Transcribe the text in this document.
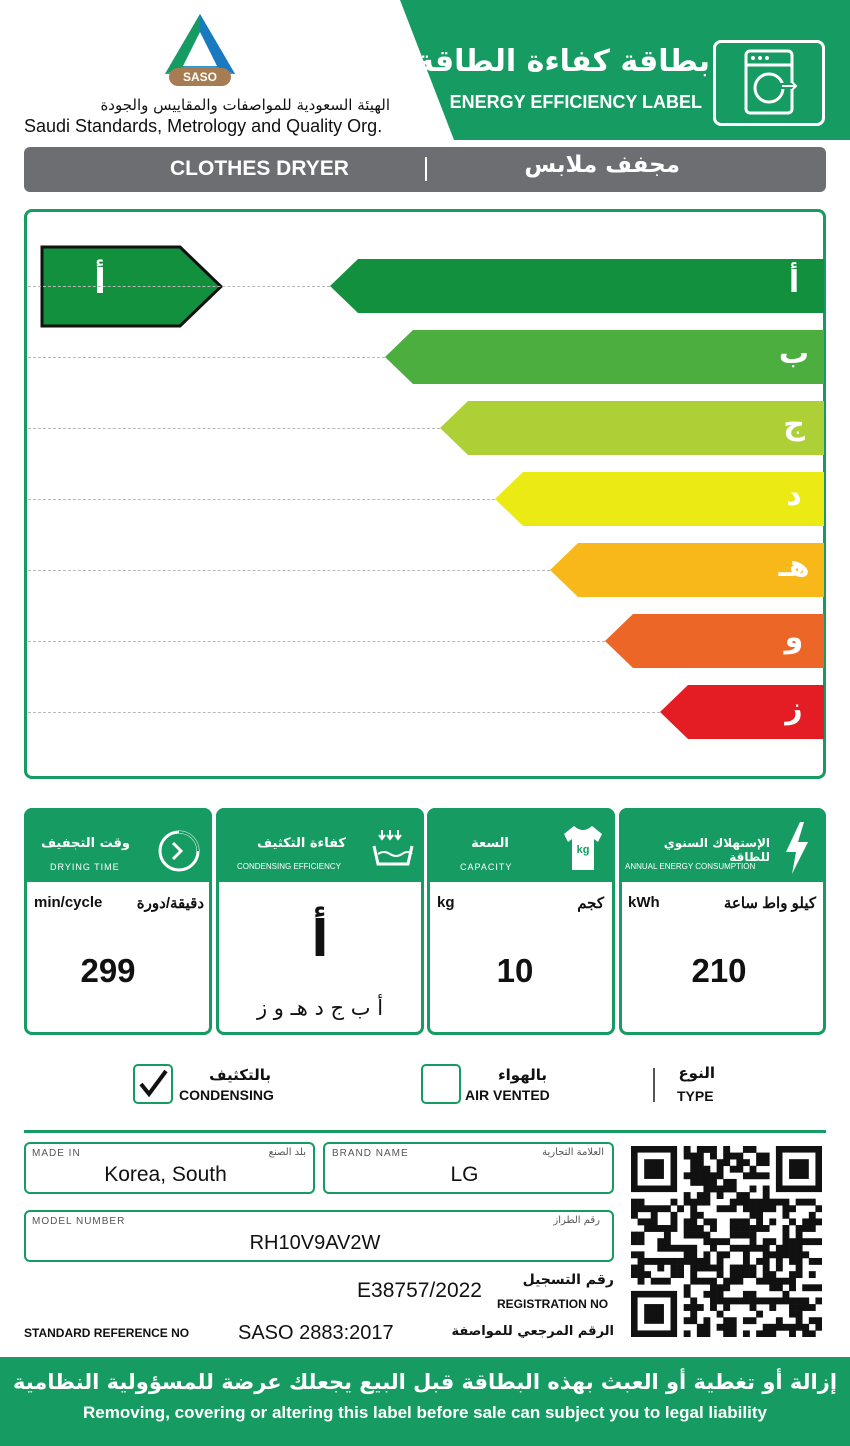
بطاقة كفاءة الطاقة
ENERGY EFFICIENCY LABEL
SASO
الهيئة السعودية للمواصفات والمقاييس والجودة
Saudi Standards, Metrology and Quality Org.
CLOTHES DRYER	مجفف ملابس
أ	أ
ب
ج
د
هـ
و
ز
وقت التجفيف
DRYING TIME
min/cycle	دقيقة/دورة
299
كفاءة التكثيف
CONDENSING EFFICIENCY
أ
أ ب ج د هـ و ز
السعة
CAPACITY
kg
kg	كجم
10
الإستهلاك السنوي للطاقة
ANNUAL ENERGY CONSUMPTION
kWh	كيلو واط ساعة
210
بالتكثيف
CONDENSING
بالهواء
AIR VENTED
النوع
TYPE
MADE IN	بلد الصنع
Korea, South
BRAND NAME	العلامة التجارية
LG
MODEL NUMBER	رقم الطراز
RH10V9AV2W
E38757/2022	رقم التسجيل
REGISTRATION NO
STANDARD REFERENCE NO SASO 2883:2017	الرقم المرجعي للمواصفة
إزالة أو تغطية أو العبث بهذه البطاقة قبل البيع يجعلك عرضة للمسؤولية النظامية
Removing, covering or altering this label before sale can subject you to legal liability
